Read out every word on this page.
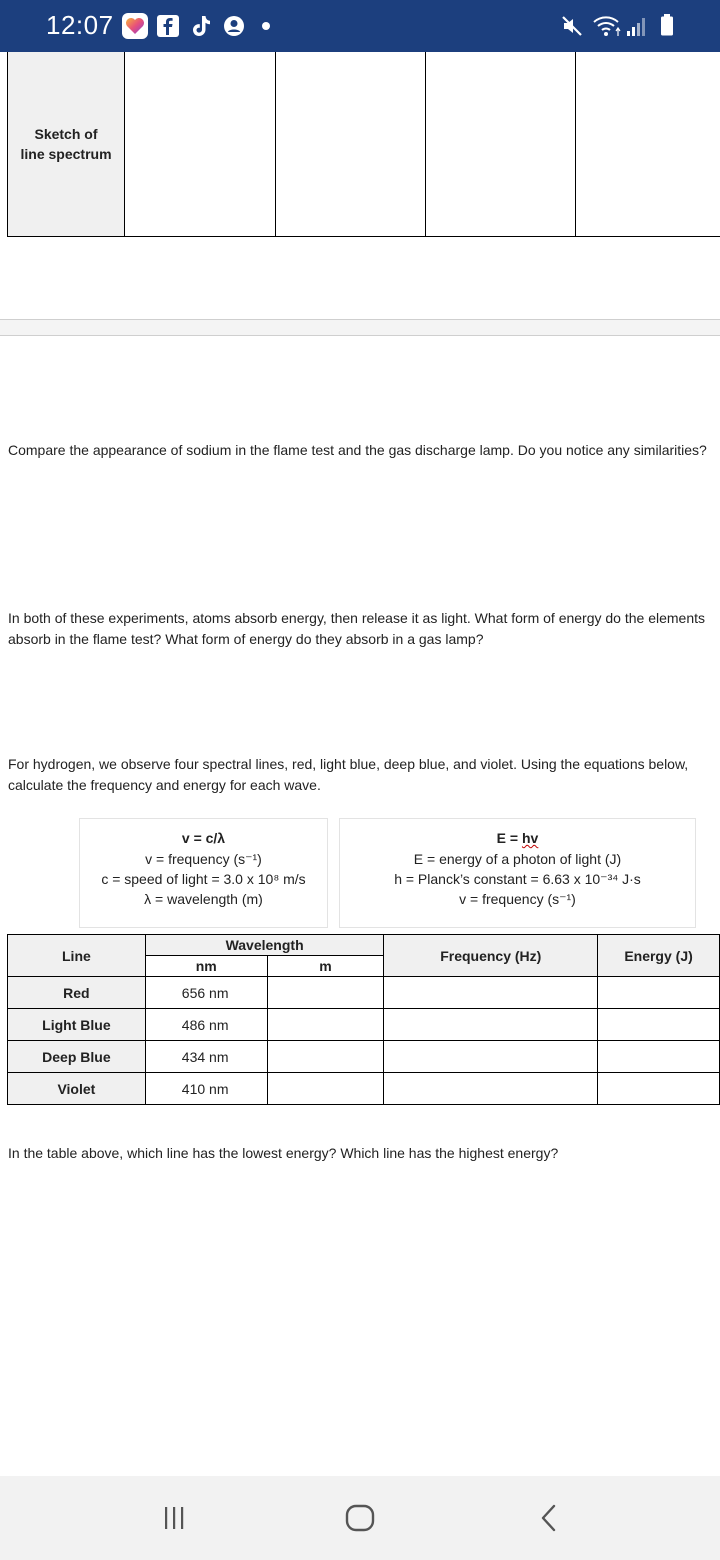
12:07
Sketch of
line spectrum
Compare the appearance of sodium in the flame test and the gas discharge lamp. Do you notice any similarities?
In both of these experiments, atoms absorb energy, then release it as light. What form of energy do the elements absorb in the flame test? What form of energy do they absorb in a gas lamp?
For hydrogen, we observe four spectral lines, red, light blue, deep blue, and violet. Using the equations below,
calculate the frequency and energy for each wave.
v = c/λ
v = frequency (s⁻¹)
c = speed of light = 3.0 x 10⁸ m/s
λ = wavelength (m)
E = hv
E = energy of a photon of light (J)
h = Planck’s constant = 6.63 x 10⁻³⁴ J·s
v = frequency (s⁻¹)
Line	Wavelength		Frequency (Hz)	Energy (J)
	nm	m		
Red	656 nm			
Light Blue	486 nm			
Deep Blue	434 nm			
Violet	410 nm			
In the table above, which line has the lowest energy? Which line has the highest energy?
